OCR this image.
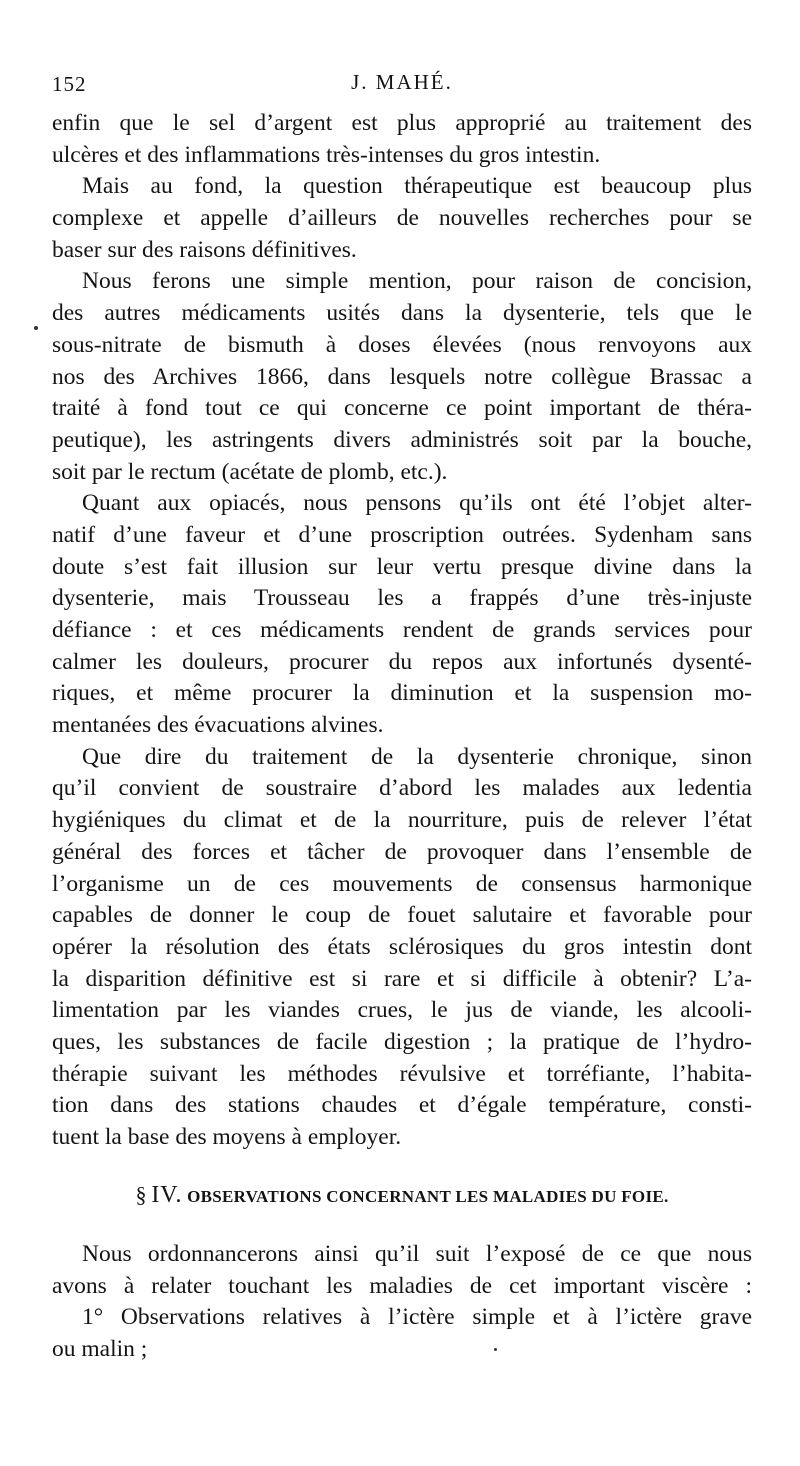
152	J. MAHÉ.
enfin que le sel d’argent est plus approprié au traitement des
ulcères et des inflammations très-intenses du gros intestin.
Mais au fond, la question thérapeutique est beaucoup plus
complexe et appelle d’ailleurs de nouvelles recherches pour se
baser sur des raisons définitives.
Nous ferons une simple mention, pour raison de concision,
des autres médicaments usités dans la dysenterie, tels que le
sous-nitrate de bismuth à doses élevées (nous renvoyons aux
nos des Archives 1866, dans lesquels notre collègue Brassac a
traité à fond tout ce qui concerne ce point important de théra-
peutique), les astringents divers administrés soit par la bouche,
soit par le rectum (acétate de plomb, etc.).
Quant aux opiacés, nous pensons qu’ils ont été l’objet alter-
natif d’une faveur et d’une proscription outrées. Sydenham sans
doute s’est fait illusion sur leur vertu presque divine dans la
dysenterie, mais Trousseau les a frappés d’une très-injuste
défiance : et ces médicaments rendent de grands services pour
calmer les douleurs, procurer du repos aux infortunés dysenté-
riques, et même procurer la diminution et la suspension mo-
mentanées des évacuations alvines.
Que dire du traitement de la dysenterie chronique, sinon
qu’il convient de soustraire d’abord les malades aux ledentia
hygiéniques du climat et de la nourriture, puis de relever l’état
général des forces et tâcher de provoquer dans l’ensemble de
l’organisme un de ces mouvements de consensus harmonique
capables de donner le coup de fouet salutaire et favorable pour
opérer la résolution des états sclérosiques du gros intestin dont
la disparition définitive est si rare et si difficile à obtenir? L’a-
limentation par les viandes crues, le jus de viande, les alcooli-
ques, les substances de facile digestion ; la pratique de l’hydro-
thérapie suivant les méthodes révulsive et torréfiante, l’habita-
tion dans des stations chaudes et d’égale température, consti-
tuent la base des moyens à employer.
§ IV. OBSERVATIONS CONCERNANT LES MALADIES DU FOIE.
Nous ordonnancerons ainsi qu’il suit l’exposé de ce que nous
avons à relater touchant les maladies de cet important viscère :
1° Observations relatives à l’ictère simple et à l’ictère grave
ou malin ;
